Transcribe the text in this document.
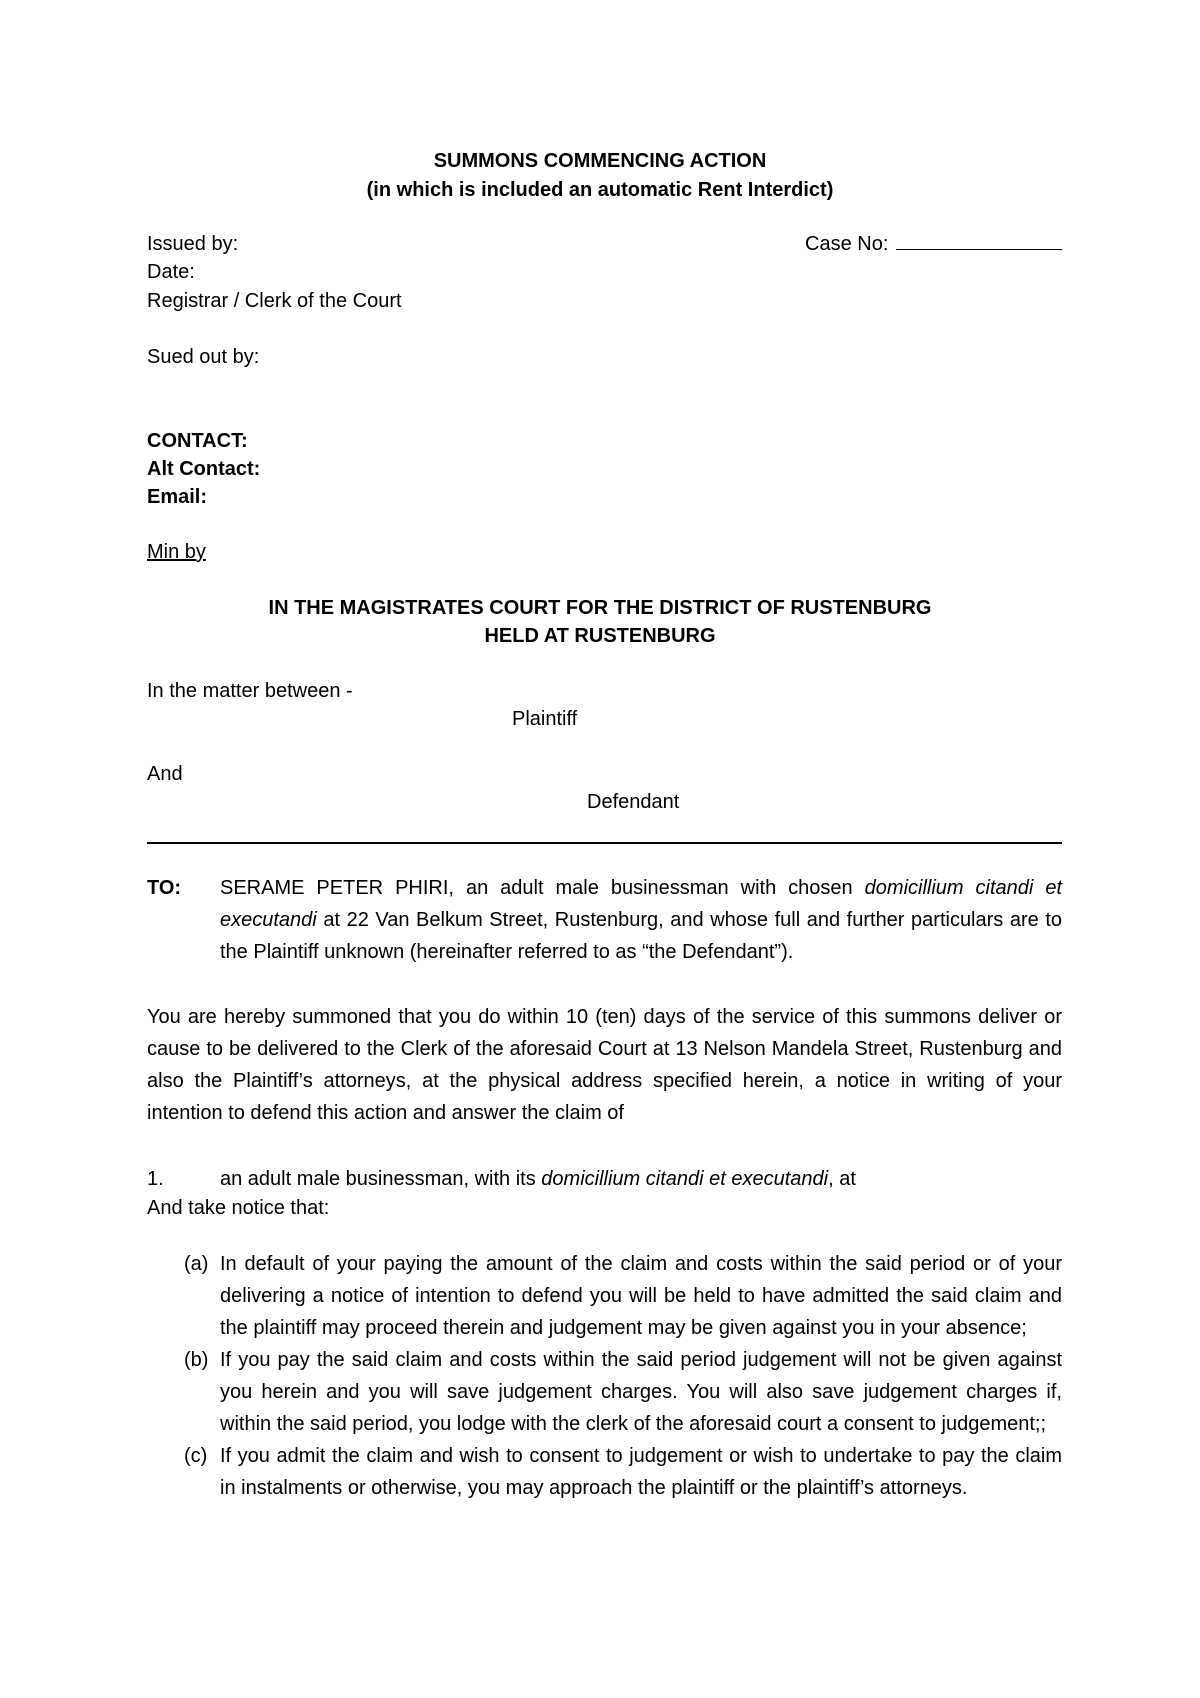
SUMMONS COMMENCING ACTION
(in which is included an automatic Rent Interdict)
Issued by:	Case No:
Date:
Registrar / Clerk of the Court
Sued out by:
CONTACT:
Alt Contact:
Email:
Min by
IN THE MAGISTRATES COURT FOR THE DISTRICT OF RUSTENBURG
HELD AT RUSTENBURG
In the matter between -
Plaintiff
And
Defendant
TO: SERAME PETER PHIRI, an adult male businessman with chosen domicillium citandi et
executandi at 22 Van Belkum Street, Rustenburg, and whose full and further particulars are to
the Plaintiff unknown (hereinafter referred to as “the Defendant”).
You are hereby summoned that you do within 10 (ten) days of the service of this summons deliver or
cause to be delivered to the Clerk of the aforesaid Court at 13 Nelson Mandela Street, Rustenburg and
also the Plaintiff’s attorneys, at the physical address specified herein, a notice in writing of your
intention to defend this action and answer the claim of
1.	an adult male businessman, with its domicillium citandi et executandi, at
And take notice that:
(a) In default of your paying the amount of the claim and costs within the said period or of your
delivering a notice of intention to defend you will be held to have admitted the said claim and
the plaintiff may proceed therein and judgement may be given against you in your absence;
(b) If you pay the said claim and costs within the said period judgement will not be given against
you herein and you will save judgement charges. You will also save judgement charges if,
within the said period, you lodge with the clerk of the aforesaid court a consent to judgement;;
(c) If you admit the claim and wish to consent to judgement or wish to undertake to pay the claim
in instalments or otherwise, you may approach the plaintiff or the plaintiff’s attorneys.
